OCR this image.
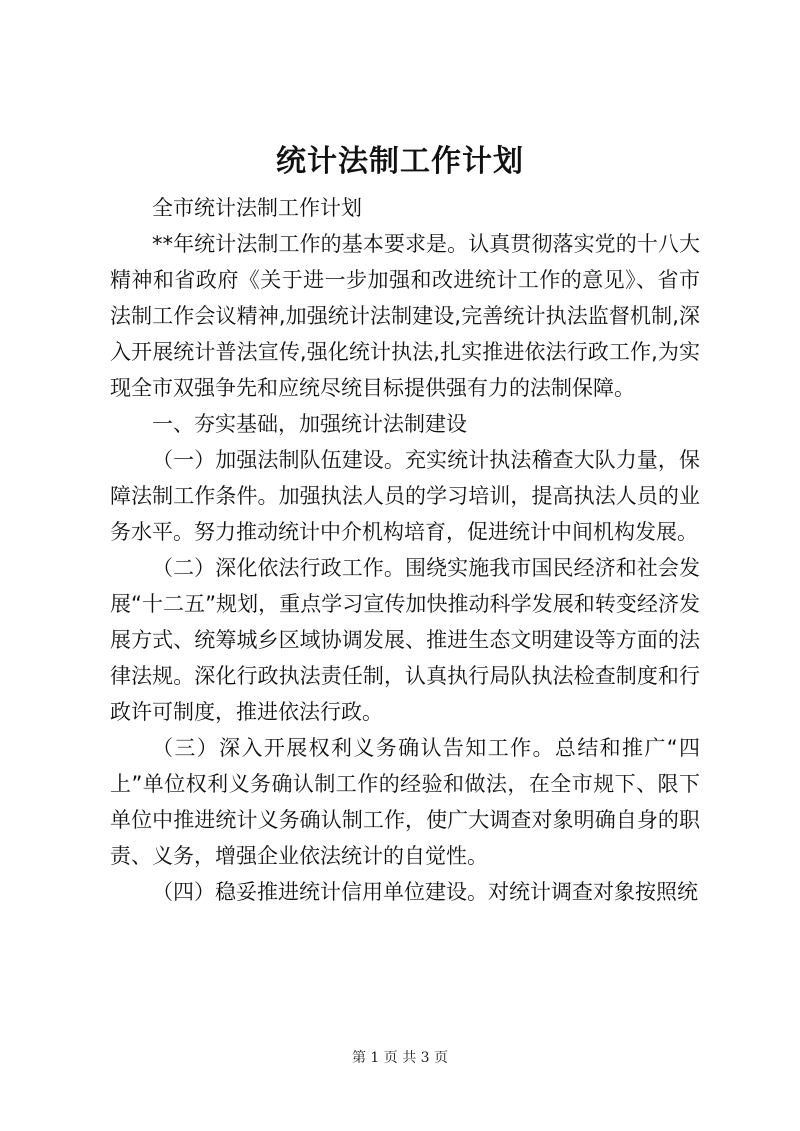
统计法制工作计划

全市统计法制工作计划

**年统计法制工作的基本要求是。认真贯彻落实党的十八大精神和省政府《关于进一步加强和改进统计工作的意见》、省市法制工作会议精神,加强统计法制建设,完善统计执法监督机制,深入开展统计普法宣传,强化统计执法,扎实推进依法行政工作,为实现全市双强争先和应统尽统目标提供强有力的法制保障。

一、夯实基础，加强统计法制建设

（一）加强法制队伍建设。充实统计执法稽查大队力量，保障法制工作条件。加强执法人员的学习培训，提高执法人员的业务水平。努力推动统计中介机构培育，促进统计中间机构发展。

（二）深化依法行政工作。围绕实施我市国民经济和社会发展“十二五”规划，重点学习宣传加快推动科学发展和转变经济发展方式、统筹城乡区域协调发展、推进生态文明建设等方面的法律法规。深化行政执法责任制，认真执行局队执法检查制度和行政许可制度，推进依法行政。

（三）深入开展权利义务确认告知工作。总结和推广“四上”单位权利义务确认制工作的经验和做法，在全市规下、限下单位中推进统计义务确认制工作，使广大调查对象明确自身的职责、义务，增强企业依法统计的自觉性。

（四）稳妥推进统计信用单位建设。对统计调查对象按照统

第 1 页 共 3 页
